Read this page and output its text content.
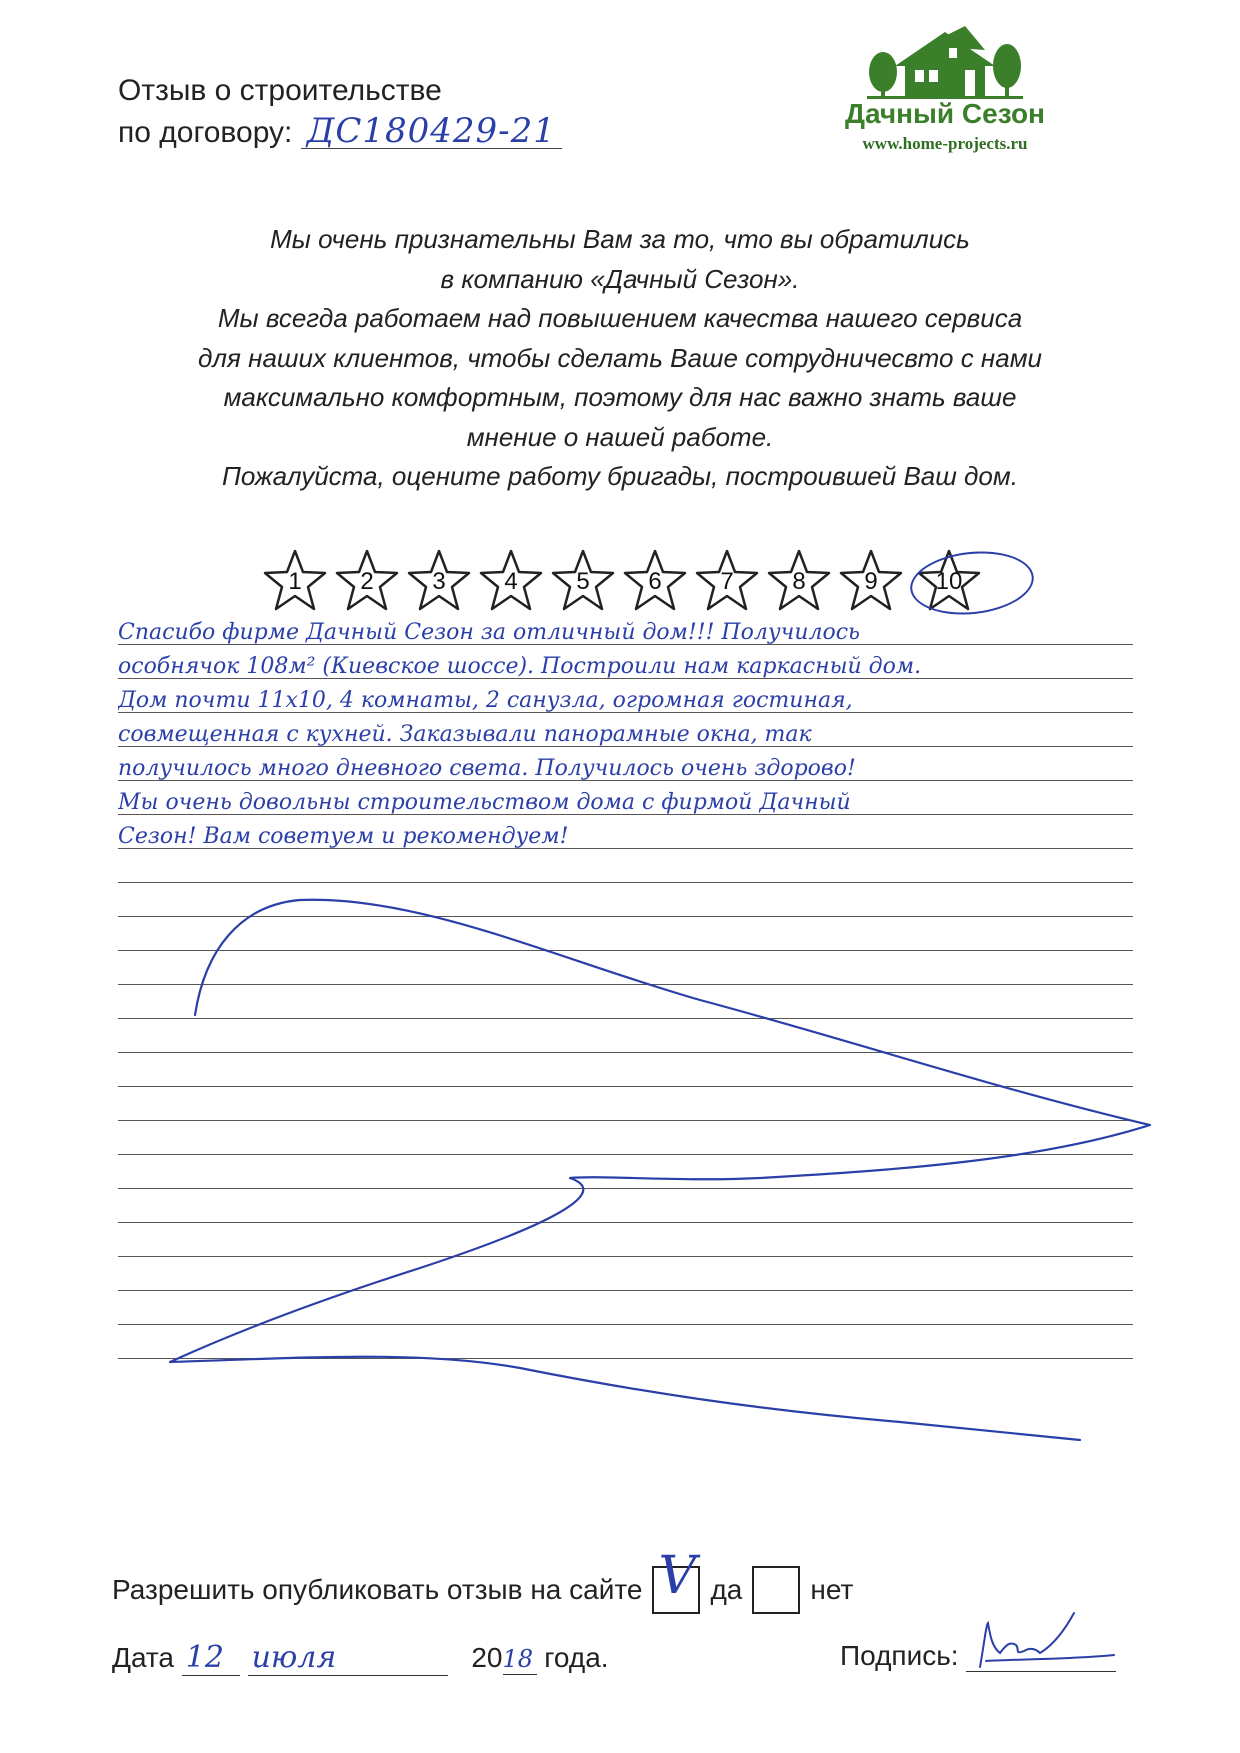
Отзыв о строительстве
по договору: ДС180429-21	Дачный Сезон
www.home-projects.ru
Мы очень признательны Вам за то, что вы обратились
в компанию «Дачный Сезон».
Мы всегда работаем над повышением качества нашего сервиса
для наших клиентов, чтобы сделать Ваше сотрудничесвто с нами
максимально комфортным, поэтому для нас важно знать ваше
мнение о нашей работе.
Пожалуйста, оцените работу бригады, построившей Ваш дом.
1	2	3	4	5	6	7	8	9	10
Спасибо фирме Дачный Сезон за отличный дом!!! Получилось
особнячок 108м² (Киевское шоссе). Построили нам каркасный дом.
Дом почти 11х10, 4 комнаты, 2 санузла, огромная гостиная,
совмещенная с кухней. Заказывали панорамные окна, так
получилось много дневного света. Получилось очень здорово!
Мы очень довольны строительством дома с фирмой Дачный
Сезон! Вам советуем и рекомендуем!
Разрешить опубликовать отзыв на сайте V да нет
Дата 12 июля	2018 года.	Подпись:
